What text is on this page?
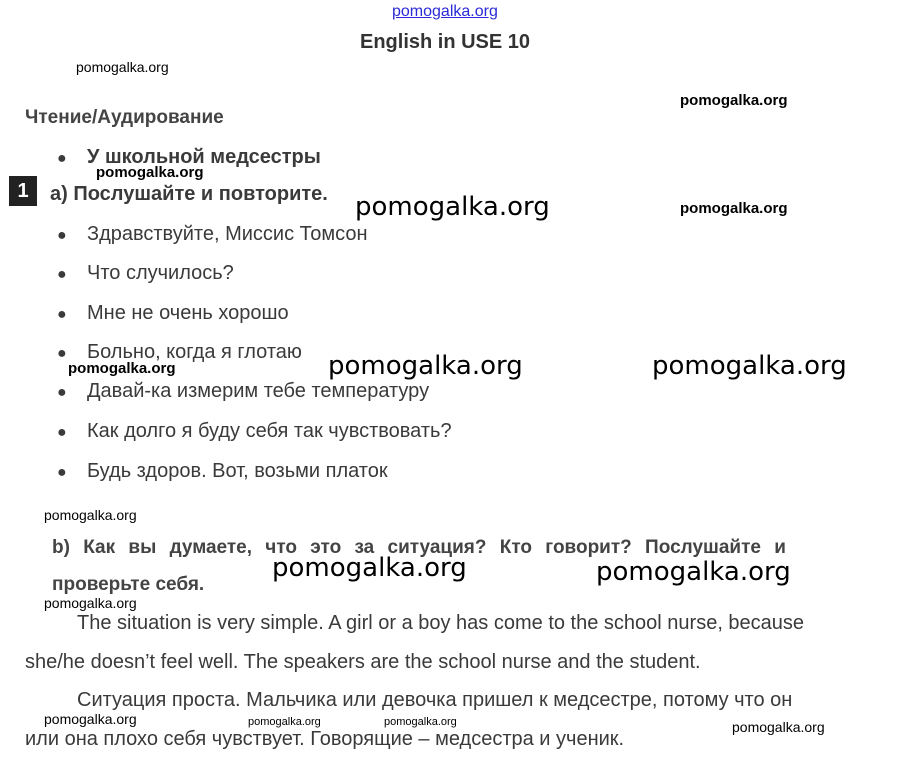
pomogalka.org
English in USE 10
Чтение/Аудирование
● У школьной медсестры
1	a) Послушайте и повторите.
● Здравствуйте, Миссис Томсон
● Что случилось?
● Мне не очень хорошо
● Больно, когда я глотаю
● Давай-ка измерим тебе температуру
● Как долго я буду себя так чувствовать?
● Будь здоров. Вот, возьми платок
b) Как вы думаете, что это за ситуация? Кто говорит? Послушайте и
проверьте себя.
The situation is very simple. A girl or a boy has come to the school nurse, because
she/he doesn’t feel well. The speakers are the school nurse and the student.
Ситуация проста. Мальчика или девочка пришел к медсестре, потому что он
или она плохо себя чувствует. Говорящие – медсестра и ученик.
pomogalka.org
pomogalka.org
pomogalka.org
pomogalka.org	pomogalka.org
pomogalka.org	pomogalka.org	pomogalka.org
pomogalka.org
pomogalka.org	pomogalka.org
pomogalka.org
pomogalka.org	pomogalka.org	pomogalka.org	pomogalka.org
